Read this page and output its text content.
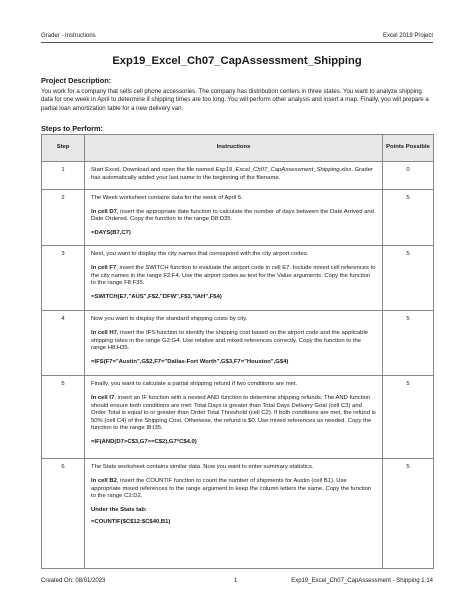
Grader - Instructions	Excel 2019 Project
Exp19_Excel_Ch07_CapAssessment_Shipping
Project Description:
You work for a company that sells cell phone accessories. The company has distribution centers in three states. You want to analyze shipping data for one week in April to determine if shipping times are too long. You will perform other analysis and insert a map. Finally, you will prepare a partial loan amortization table for a new delivery van.
Steps to Perform:
Step	Instructions	Points Possible
1	Start Excel. Download and open the file named Exp19_Excel_Ch07_CapAssessment_Shipping.xlsx. Grader has automatically added your last name to the beginning of the filename.	0
2	The Week worksheet contains data for the week of April 5.

In cell D7, insert the appropriate date function to calculate the number of days between the Date Arrived and Date Ordered. Copy the function to the range D8:D35.

=DAYS(B7,C7)	5
3	Next, you want to display the city names that correspond with the city airport codes.

In cell F7, insert the SWITCH function to evaluate the airport code in cell E7. Include mixed cell references to the city names in the range F2:F4. Use the airport codes as text for the Value arguments. Copy the function to the range F8:F35.

=SWITCH(E7,"AUS",F$2,"DFW",F$3,"IAH",F$4)	5
4	Now you want to display the standard shipping costs by city.

In cell H7, insert the IFS function to identify the shipping cost based on the airport code and the applicable shipping rates in the range G2:G4. Use relative and mixed references correctly. Copy the function to the range H8:H35.

=IFS(F7="Austin",G$2,F7="Dallas-Fort Worth",G$3,F7="Houston",G$4)	5
5	Finally, you want to calculate a partial shipping refund if two conditions are met.

In cell I7, insert an IF function with a nested AND function to determine shipping refunds. The AND function should ensure both conditions are met: Total Days is greater than Total Days Delivery Goal (cell C3) and Order Total is equal to or greater than Order Total Threshold (cell C2). If both conditions are met, the refund is 50% (cell C4) of the Shipping Cost. Otherwise, the refund is $0. Use mixed references as needed. Copy the function to the range I8:I35.

=IF(AND(D7>C$3,G7>=C$2),G7*C$4,0)	5
6	The Stats worksheet contains similar data. Now you want to enter summary statistics.

In cell B2, insert the COUNTIF function to count the number of shipments for Austin (cell B1). Use appropriate mixed references to the range argument to keep the column letters the same. Copy the function to the range C2:D2.

Under the Stats tab:

=COUNTIF($C$12:$C$40,B1)	5
Created On: 08/01/2023	1	Exp19_Excel_Ch07_CapAssessment - Shipping 1.14
